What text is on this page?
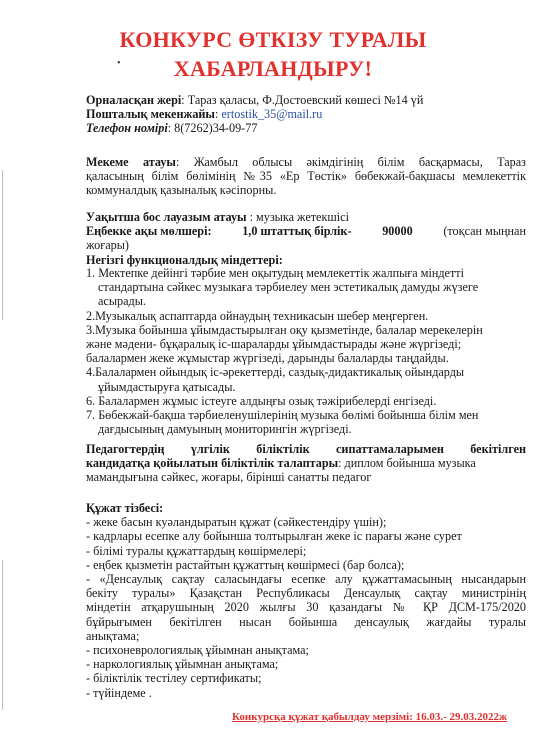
КОНКУРС ӨТКІЗУ ТУРАЛЫ
ХАБАРЛАНДЫРУ!
•
Орналасқан жері: Тараз қаласы, Ф.Достоевский көшесі №14 үй
Пошталық мекенжайы: ertostik_35@mail.ru
Телефон номірі: 8(7262)34-09-77
Мекеме атауы: Жамбыл облысы әкімдігінің білім басқармасы, Тараз
қаласының білім бөлімінің №35 «Ер Төстік» бөбекжай-бақшасы мемлекеттік
коммуналдық қазыналық кәсіпорны.
Уақытша бос лауазым атауы : музыка жетекшісі
Еңбекке ақы мөлшері:	1,0 штаттық бірлік-	90000	(тоқсан мыңнан
жоғары)
Негізгі функционалдық міндеттері:
1. Мектепке дейінгі тәрбие мен оқытудың мемлекеттік жалпыға міндетті
стандартына сәйкес музыкаға тәрбиелеу мен эстетикалық дамуды жүзеге
асырады.
2.Музыкалық аспаптарда ойнаудың техникасын шебер меңгерген.
3.Музыка бойынша ұйымдастырылған оқу қызметінде, балалар мерекелерін
және мәдени- бұқаралық іс-шараларды ұйымдастырады және жүргізеді;
балалармен жеке жұмыстар жүргізеді, дарынды балаларды таңдайды.
4.Балалармен ойындық іс-әрекеттерді, саздық-дидактикалық ойындарды
ұйымдастыруға қатысады.
6. Балалармен жұмыс істеуге алдыңғы озық тәжірибелерді енгізеді.
7. Бөбекжай-бақша тәрбиеленушілерінің музыка бөлімі бойынша білім мен
дағдысының дамуының мониторингін жүргізеді.
Педагогтердің үлгілік біліктілік сипаттамаларымен бекітілген
кандидатқа қойылатын біліктілік талаптары: диплом бойынша музыка
мамандығына сәйкес, жоғары, бірінші санатты педагог
Құжат тізбесі:
- жеке басын куәландыратын құжат (сәйкестендіру үшін);
- кадрлары есепке алу бойынша толтырылған жеке іс парағы және сурет
- білімі туралы құжаттардың көшірмелері;
- еңбек қызметін растайтын құжаттың көшірмесі (бар болса);
- «Денсаулық сақтау саласындағы есепке алу құжаттамасының нысандарын
бекіту туралы» Қазақстан Республикасы Денсаулық сақтау министрінің
міндетін атқарушының 2020 жылғы 30 қазандағы № ҚР ДСМ-175/2020
бұйрығымен бекітілген нысан бойынша денсаулық жағдайы туралы
анықтама;
- психоневрологиялық ұйымнан анықтама;
- наркологиялық ұйымнан анықтама;
- біліктілік тестілеу сертификаты;
- түйіндеме .
Конкурсқа құжат қабылдау мерзімі: 16.03.- 29.03.2022ж
